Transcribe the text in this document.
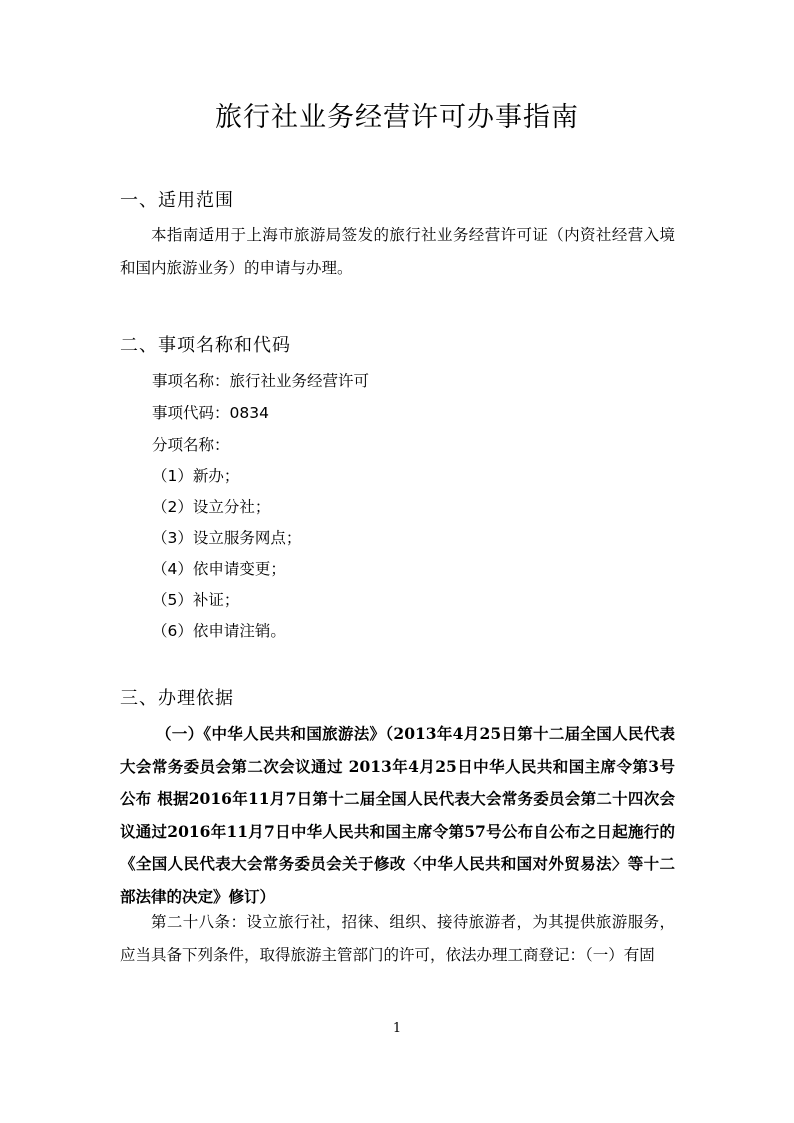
旅行社业务经营许可办事指南
一、适用范围
本指南适用于上海市旅游局签发的旅行社业务经营许可证（内资社经营入境和国内旅游业务）的申请与办理。
二、事项名称和代码
事项名称：旅行社业务经营许可
事项代码：0834
分项名称：
（1）新办；
（2）设立分社；
（3）设立服务网点；
（4）依申请变更；
（5）补证；
（6）依申请注销。
三、办理依据
（一）《中华人民共和国旅游法》（2013年4月25日第十二届全国人民代表大会常务委员会第二次会议通过 2013年4月25日中华人民共和国主席令第3号公布 根据2016年11月7日第十二届全国人民代表大会常务委员会第二十四次会议通过2016年11月7日中华人民共和国主席令第57号公布自公布之日起施行的《全国人民代表大会常务委员会关于修改〈中华人民共和国对外贸易法〉等十二部法律的决定》修订）
第二十八条：设立旅行社，招徕、组织、接待旅游者，为其提供旅游服务，应当具备下列条件，取得旅游主管部门的许可，依法办理工商登记：（一）有固
1
